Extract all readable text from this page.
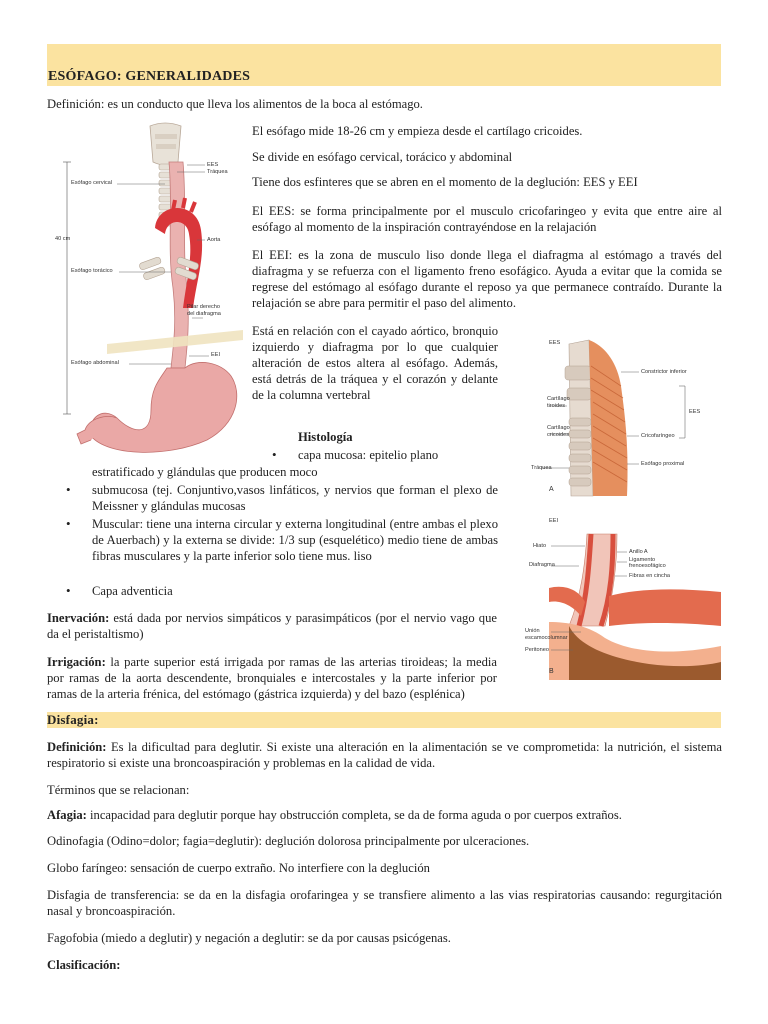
ESÓFAGO: GENERALIDADES

Definición: es un conducto que lleva los alimentos de la boca al estómago.

EES
Tráquea
Esófago cervical
40 cm	Aorta
Esófago torácico
Pilar derecho
del diafragma
EEI
Esófago abdominal

El esófago mide 18-26 cm y empieza desde el cartílago cricoides.

Se divide en esófago cervical, torácico y abdominal

Tiene dos esfinteres que se abren en el momento de la deglución: EES y EEI

El EES: se forma principalmente por el musculo cricofaringeo y evita que entre aire al esófago al momento de la inspiración contrayéndose en la relajación

El EEI: es la zona de musculo liso donde llega el diafragma al estómago a través del diafragma y se refuerza con el ligamento freno esofágico. Ayuda a evitar que la comida se regrese del estómago al esófago durante el reposo ya que permanece contraído. Durante la relajación se abre para permitir el paso del alimento.

Está en relación con el cayado aórtico, bronquio izquierdo y diafragma por lo que cualquier alteración de estos altera al esófago. Además, está detrás de la tráquea y el corazón y delante de la columna vertebral

EES
Constrictor inferior
EES
Cartílago
tiroides
Cartílago
cricoides	Cricofaríngeo
Tráquea
Esófago proximal
A
EEI
Hiato
Diafragma
Anillo A
Ligamento
frenoesofágico
Fibras en cincha
Unión
escamocolumnar
Peritoneo
B
Histología
• capa mucosa: epitelio plano
estratificado y glándulas que producen moco
• submucosa (tej. Conjuntivo,vasos linfáticos, y nervios que forman el plexo de Meissner y glándulas mucosas
• Muscular: tiene una interna circular y externa longitudinal (entre ambas el plexo de Auerbach) y la externa se divide: 1/3 sup (esquelético) medio tiene de ambas fibras musculares y la parte inferior solo tiene mus. liso
• Capa adventicia

Inervación: está dada por nervios simpáticos y parasimpáticos (por el nervio vago que da el peristaltismo)

Irrigación: la parte superior está irrigada por ramas de las arterias tiroideas; la media por ramas de la aorta descendente, bronquiales e intercostales y la parte inferior por ramas de la arteria frénica, del estómago (gástrica izquierda) y del bazo (esplénica)

Disfagia:

Definición: Es la dificultad para deglutir. Si existe una alteración en la alimentación se ve comprometida: la nutrición, el sistema respiratorio si existe una broncoaspiración y problemas en la calidad de vida.

Términos que se relacionan:

Afagia: incapacidad para deglutir porque hay obstrucción completa, se da de forma aguda o por cuerpos extraños.

Odinofagia (Odino=dolor; fagia=deglutir): deglución dolorosa principalmente por ulceraciones.

Globo faríngeo: sensación de cuerpo extraño. No interfiere con la deglución

Disfagia de transferencia: se da en la disfagia orofaringea y se transfiere alimento a las vias respiratorias causando: regurgitación nasal y broncoaspiración.

Fagofobia (miedo a deglutir) y negación a deglutir: se da por causas psicógenas.

Clasificación:
